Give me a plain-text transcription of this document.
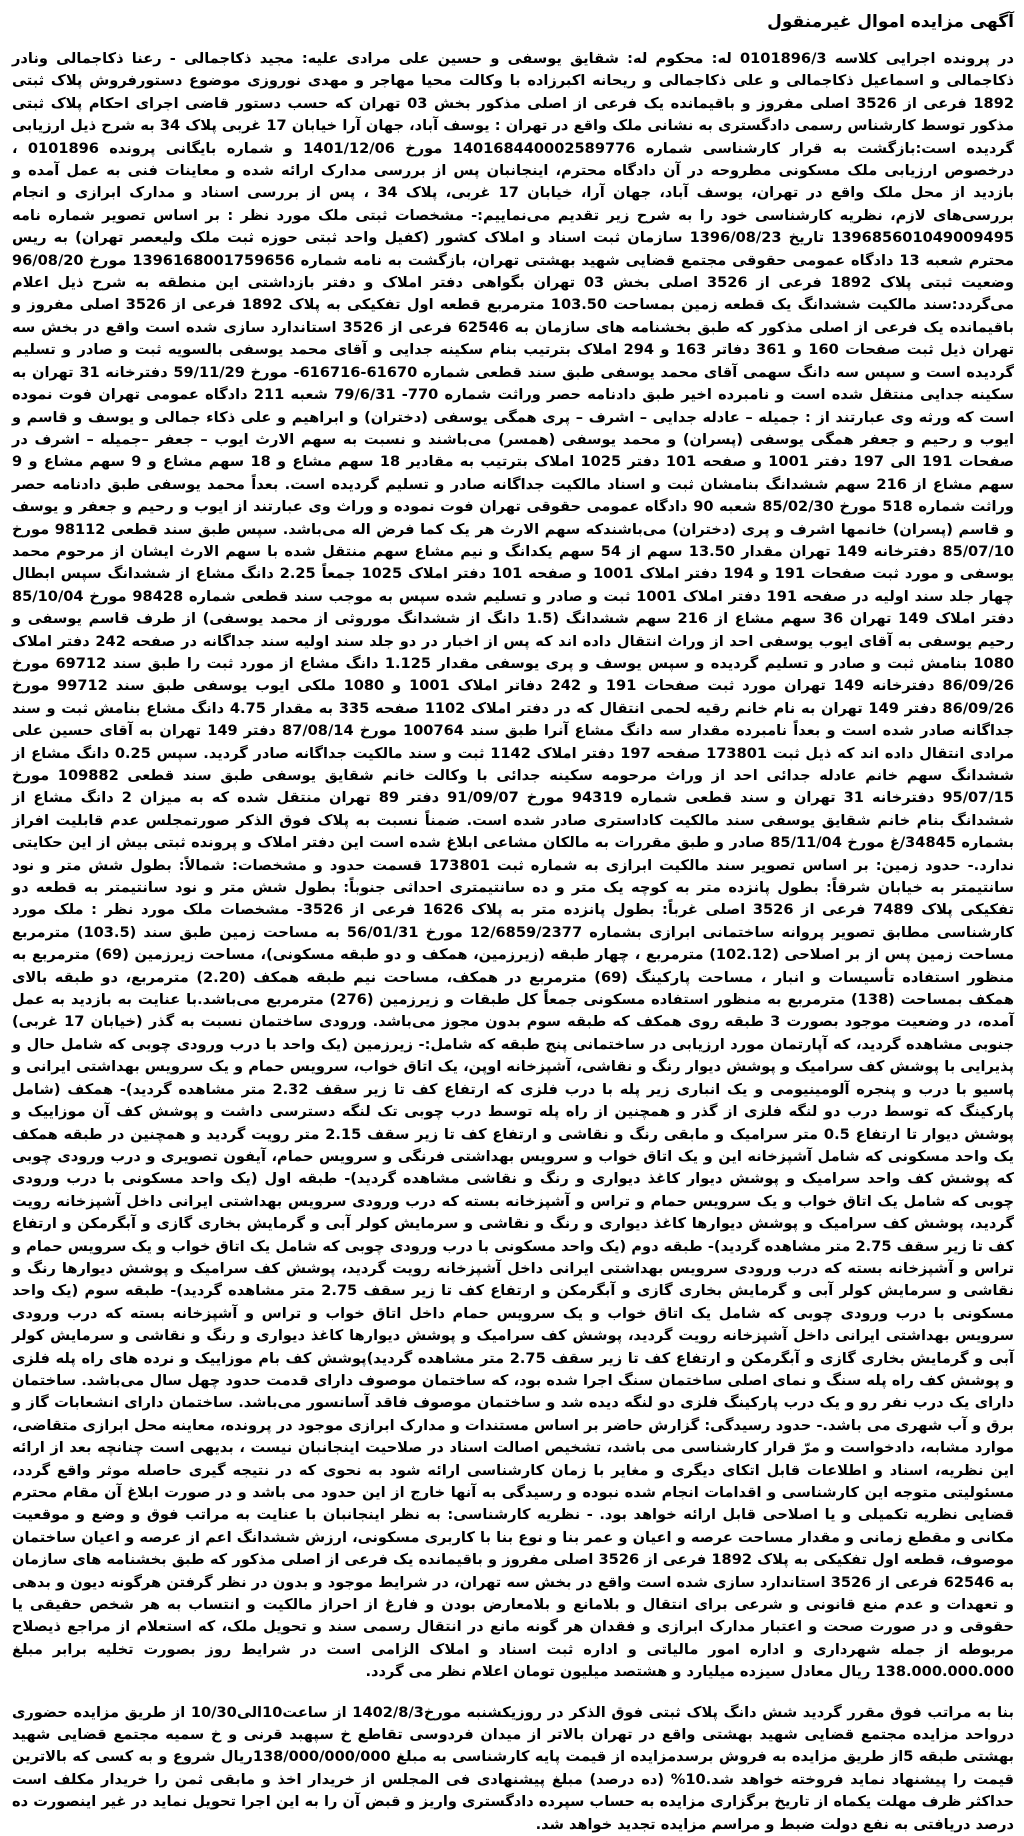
آگهی مزایده اموال غیرمنقول

در پرونده اجرایی کلاسه 0101896/3 له: محکوم له: شقایق یوسفی و حسین علی مرادی علیه: مجید ذکاجمالی - رعنا ذکاجمالی ونادر ذکاجمالی و اسماعیل ذکاجمالی و علی ذکاجمالی و ریحانه اکبرزاده با وکالت محیا مهاجر و مهدی نوروزی موضوع دستورفروش پلاک ثبتی 1892 فرعی از 3526 اصلی مفروز و باقیمانده یک فرعی از اصلی مذکور بخش 03 تهران که حسب دستور قاضی اجرای احکام پلاک ثبتی مذکور توسط کارشناس رسمی دادگستری به نشانی ملک واقع در تهران : یوسف آباد، جهان آرا خیابان 17 غربی پلاک 34 به شرح ذیل ارزیابی گردیده است:بازگشت به قرار کارشناسی شماره 140168440002589776 مورخ 1401/12/06 و شماره بایگانی پرونده 0101896 ، درخصوص ارزیابی ملک مسکونی مطروحه در آن دادگاه محترم، اینجانبان پس از بررسی مدارک ارائه شده و معاینات فنی به عمل آمده و بازدید از محل ملک واقع در تهران، یوسف آباد، جهان آرا، خیابان 17 غربی، پلاک 34 ، پس از بررسی اسناد و مدارک ابرازی و انجام بررسی‌های لازم، نظریه کارشناسی خود را به شرح زیر تقدیم می‌نماییم:- مشخصات ثبتی ملک مورد نظر : بر اساس تصویر شماره نامه 139685601049009495 تاریخ 1396/08/23 سازمان ثبت اسناد و املاک کشور (کفیل واحد ثبتی حوزه ثبت ملک ولیعصر تهران) به ریس محترم شعبه 13 دادگاه عمومی حقوقی مجتمع قضایی شهید بهشتی تهران، بازگشت به نامه شماره 139616800175​9656 مورخ 96/08/20 وضعیت ثبتی پلاک 1892 فرعی از 3526 اصلی بخش 03 تهران بگواهی دفتر املاک و دفتر بازداشتی این منطقه به شرح ذیل اعلام می‌گردد:سند مالکیت ششدانگ یک قطعه زمین بمساحت 103.50 مترمربع قطعه اول تفکیکی به پلاک 1892 فرعی از 3526 اصلی مفروز و باقیمانده یک فرعی از اصلی مذکور که طبق بخشنامه های سازمان به 62546 فرعی از 3526 استاندارد سازی شده است واقع در بخش سه تهران ذیل ثبت صفحات 160 و 361 دفاتر 163 و 294 املاک بترتیب بنام سکینه جدایی و آقای محمد یوسفی بالسویه ثبت و صادر و تسلیم گردیده است و سپس سه دانگ سهمی آقای محمد یوسفی طبق سند قطعی شماره 61670-616716- مورخ 59/11/29 دفترخانه 31 تهران به سکینه جدایی منتقل شده است و نامبرده اخیر طبق دادنامه حصر وراثت شماره 770- 79/6/31 شعبه 211 دادگاه عمومی تهران فوت نموده است که ورثه وی عبارتند از : جمیله – عادله جدایی – اشرف – پری همگی یوسفی (دختران) و ابراهیم و علی ذکاء جمالی و یوسف و قاسم و ایوب و رحیم و جعفر همگی یوسفی (پسران) و محمد یوسفی (همسر) می‌باشند و نسبت به سهم الارث ایوب – جعفر –جمیله – اشرف در صفحات 191 الی 197 دفتر 1001 و صفحه 101 دفتر 1025 املاک بترتیب به مقادیر 18 سهم مشاع و 18 سهم مشاع و 9 سهم مشاع و 9 سهم مشاع از 216 سهم ششدانگ بنامشان ثبت و اسناد مالکیت جداگانه صادر و تسلیم گردیده است. بعداً محمد یوسفی طبق دادنامه حصر وراثت شماره 518 مورخ 85/02/30 شعبه 90 دادگاه عمومی حقوقی تهران فوت نموده و وراث وی عبارتند از ایوب و رحیم و جعفر و یوسف و قاسم (پسران) خانمها اشرف و پری (دختران) می‌باشندکه سهم الارث هر یک کما فرض اله می‌باشد. سپس طبق سند قطعی 98112 مورخ 85/07/10 دفترخانه 149 تهران مقدار 13.50 سهم از 54 سهم یکدانگ و نیم مشاع سهم منتقل شده با سهم الارث ایشان از مرحوم محمد یوسفی و مورد ثبت صفحات 191 و 194 دفتر املاک 1001 و صفحه 101 دفتر املاک 1025 جمعاً 2.25 دانگ مشاع از ششدانگ سپس ابطال چهار جلد سند اولیه در صفحه 191 دفتر املاک 1001 ثبت و صادر و تسلیم شده سپس به موجب سند قطعی شماره 98428 مورخ 85/10/04 دفتر املاک 149 تهران 36 سهم مشاع از 216 سهم ششدانگ (1.5 دانگ از ششدانگ موروثی از محمد یوسفی) از طرف قاسم یوسفی و رحیم یوسفی به آقای ایوب یوسفی احد از وراث انتقال داده اند که پس از اخبار در دو جلد سند اولیه سند جداگانه در صفحه 242 دفتر املاک 1080 بنامش ثبت و صادر و تسلیم گردیده و سپس یوسف و پری یوسفی مقدار 1.125 دانگ مشاع از مورد ثبت را طبق سند 69712 مورخ 86/09/26 دفترخانه 149 تهران مورد ثبت صفحات 191 و 242 دفاتر املاک 1001 و 1080 ملکی ایوب یوسفی طبق سند 99712 مورخ 86/09/26 دفتر 149 تهران به نام خانم رقیه لحمی انتقال که در دفتر املاک 1102 صفحه 335 به مقدار 4.75 دانگ مشاع بنامش ثبت و سند جداگانه صادر شده است و بعداً نامبرده مقدار سه دانگ مشاع آنرا طبق سند 100764 مورخ 87/08/14 دفتر 149 تهران به آقای حسین علی مرادی انتقال داده اند که ذیل ثبت 173801 صفحه 197 دفتر املاک 1142 ثبت و سند مالکیت جداگانه صادر گردید. سپس 0.25 دانگ مشاع از ششدانگ سهم خانم عادله جدائی احد از وراث مرحومه سکینه جدائی با وکالت خانم شقایق یوسفی طبق سند قطعی 109882 مورخ 95/07/15 دفترخانه 31 تهران و سند قطعی شماره 94319 مورخ 91/09/07 دفتر 89 تهران منتقل شده که به میزان 2 دانگ مشاع از ششدانگ بنام خانم شقایق یوسفی سند مالکیت کاداستری صادر شده است. ضمناً نسبت به پلاک فوق الذکر صورتمجلس عدم قابلیت افراز بشماره 34845/غ مورخ 85/11/04 صادر و طبق مقررات به مالکان مشاعی ابلاغ شده است این دفتر املاک و پرونده ثبتی بیش از این حکایتی ندارد.- حدود زمین: بر اساس تصویر سند مالکیت ابرازی به شماره ثبت 173801 قسمت حدود و مشخصات: شمالاً: بطول شش متر و نود سانتیمتر به خیابان شرقاً: بطول پانزده متر به کوچه یک متر و ده سانتیمتری احداثی جنوباً: بطول شش متر و نود سانتیمتر به قطعه دو تفکیکی پلاک 7489 فرعی از 3526 اصلی غرباً: بطول پانزده متر به پلاک 1626 فرعی از 3526- مشخصات ملک مورد نظر : ملک مورد کارشناسی مطابق تصویر پروانه ساختمانی ابرازی بشماره 12/6859/2377 مورخ 56/01/31 به مساحت زمین طبق سند (103.5) مترمربع مساحت زمین پس از بر اصلاحی (102.12) مترمربع ، چهار طبقه (زیرزمین، همکف و دو طبقه مسکونی)، مساحت زیرزمین (69) مترمربع به منظور استفاده تأسیسات و انبار ، مساحت پارکینگ (69) مترمربع در همکف، مساحت نیم طبقه همکف (2.20) مترمربع، دو طبقه بالای همکف بمساحت (138) مترمربع به منظور استفاده مسکونی جمعاً کل طبقات و زیرزمین (276) مترمربع می‌باشد.با عنایت به بازدید به عمل آمده، در وضعیت موجود بصورت 3 طبقه روی همکف که طبقه سوم بدون مجوز می‌باشد. ورودی ساختمان نسبت به گذر (خیابان 17 غربی) جنوبی مشاهده گردید، که آپارتمان مورد ارزیابی در ساختمانی پنج طبقه که شامل:- زیرزمین (یک واحد با درب ورودی چوبی که شامل حال و پذیرایی با پوشش کف سرامیک و پوشش دیوار رنگ و نقاشی، آشپزخانه اوپن، یک اتاق خواب، سرویس حمام و یک سرویس بهداشتی ایرانی و پاسیو با درب و پنجره آلومینیومی و یک انباری زیر پله با درب فلزی که ارتفاع کف تا زیر سقف 2.32 متر مشاهده گردید)- همکف (شامل پارکینگ که توسط درب دو لنگه فلزی از گذر و همچنین از راه پله توسط درب چوبی تک لنگه دسترسی داشت و پوشش کف آن موزاییک و پوشش دیوار تا ارتفاع 0.5 متر سرامیک و مابقی رنگ و نقاشی و ارتفاع کف تا زیر سقف 2.15 متر رویت گردید و همچنین در طبقه همکف یک واحد مسکونی که شامل آشپزخانه این و یک اتاق خواب و سرویس بهداشتی فرنگی و سرویس حمام، آیفون تصویری و درب ورودی چوبی که پوشش کف واحد سرامیک و پوشش دیوار کاغذ دیواری و رنگ و نقاشی مشاهده گردید)- طبقه اول (یک واحد مسکونی با درب ورودی چوبی که شامل یک اتاق خواب و یک سرویس حمام و تراس و آشپزخانه بسته که درب ورودی سرویس بهداشتی ایرانی داخل آشپزخانه رویت گردید، پوشش کف سرامیک و پوشش دیوارها کاغذ دیواری و رنگ و نقاشی و سرمایش کولر آبی و گرمایش بخاری گازی و آبگرمکن و ارتفاع کف تا زیر سقف 2.75 متر مشاهده گردید)- طبقه دوم (یک واحد مسکونی با درب ورودی چوبی که شامل یک اتاق خواب و یک سرویس حمام و تراس و آشپزخانه بسته که درب ورودی سرویس بهداشتی ایرانی داخل آشپزخانه رویت گردید، پوشش کف سرامیک و پوشش دیوارها رنگ و نقاشی و سرمایش کولر آبی و گرمایش بخاری گازی و آبگرمکن و ارتفاع کف تا زیر سقف 2.75 متر مشاهده گردید)- طبقه سوم (یک واحد مسکونی با درب ورودی چوبی که شامل یک اتاق خواب و یک سرویس حمام داخل اتاق خواب و تراس و آشپزخانه بسته که درب ورودی سرویس بهداشتی ایرانی داخل آشپزخانه رویت گردید، پوشش کف سرامیک و پوشش دیوارها کاغذ دیواری و رنگ و نقاشی و سرمایش کولر آبی و گرمایش بخاری گازی و آبگرمکن و ارتفاع کف تا زیر سقف 2.75 متر مشاهده گردید)پوشش کف بام موزاییک و نرده های راه پله فلزی و پوشش کف راه پله سنگ و نمای اصلی ساختمان سنگ اجرا شده بود، که ساختمان موصوف دارای قدمت حدود چهل سال می‌باشد. ساختمان دارای یک درب نفر رو و یک درب پارکینگ فلزی دو لنگه دیده شد و ساختمان موصوف فاقد آسانسور می‌باشد. ساختمان دارای انشعابات گاز و برق و آب شهری می باشد.- حدود رسیدگی: گزارش حاضر بر اساس مستندات و مدارک ابرازی موجود در پرونده، معاینه محل ابرازی متقاضی، موارد مشابه، دادخواست و مرّ قرار کارشناسی می باشد، تشخیص اصالت اسناد در صلاحیت اینجانبان نیست ، بدیهی است چنانچه بعد از ارائه این نظریه، اسناد و اطلاعات قابل اتکای دیگری و مغایر با زمان کارشناسی ارائه شود به نحوی که در نتیجه گیری حاصله موثر واقع گردد، مسئولیتی متوجه این کارشناسی و اقدامات انجام شده نبوده و رسیدگی به آنها خارج از این حدود می باشد و در صورت ابلاغ آن مقام محترم قضایی نظریه تکمیلی و یا اصلاحی قابل ارائه خواهد بود. - نظریه کارشناسی: به نظر اینجانبان با عنایت به مراتب فوق و وضع و موقعیت مکانی و مقطع زمانی و مقدار مساحت عرصه و اعیان و عمر بنا و نوع بنا با کاربری مسکونی، ارزش ششدانگ اعم از عرصه و اعیان ساختمان موصوف، قطعه اول تفکیکی به پلاک 1892 فرعی از 3526 اصلی مفروز و باقیمانده یک فرعی از اصلی مذکور که طبق بخشنامه های سازمان به 62546 فرعی از 3526 استاندارد سازی شده است واقع در بخش سه تهران، در شرایط موجود و بدون در نظر گرفتن هرگونه دیون و بدهی و تعهدات و عدم منع قانونی و شرعی برای انتقال و بلامانع و بلامعارض بودن و فارغ از احراز مالکیت و انتساب به هر شخص حقیقی یا حقوقی و در صورت صحت و اعتبار مدارک ابرازی و فقدان هر گونه مانع در انتقال رسمی سند و تحویل ملک، که استعلام از مراجع ذیصلاح مربوطه از جمله شهرداری و اداره امور مالیاتی و اداره ثبت اسناد و املاک الزامی است در شرایط روز بصورت تخلیه برابر مبلغ 138.000.000.000 ریال معادل سیزده میلیارد و هشتصد میلیون تومان اعلام نظر می گردد.

بنا به مراتب فوق مقرر گردید شش دانگ پلاک ثبتی فوق الذکر در روزیکشنبه مورخ1402/8/3 از ساعت10الی10/30 از طریق مزایده حضوری درواحد مزایده مجتمع قضایی شهید بهشتی واقع در تهران بالاتر از میدان فردوسی تقاطع خ سپهبد قرنی و خ سمیه مجتمع قضایی شهید بهشتی طبقه 5از طریق مزایده به فروش برسدمزایده از قیمت پایه کارشناسی به مبلغ 138/000/000/000ریال شروع و به کسی که بالاترین قیمت را پیشنهاد نماید فروخته خواهد شد.10% (ده درصد) مبلغ پیشنهادی فی المجلس از خریدار اخذ و مابقی ثمن را خریدار مکلف است حداکثر ظرف مهلت یکماه از تاریخ برگزاری مزایده به حساب سپرده دادگستری واریز و قبض آن را به این اجرا تحویل نماید در غیر اینصورت ده درصد دریافتی به نفع دولت ضبط و مراسم مزایده تجدید خواهد شد.
